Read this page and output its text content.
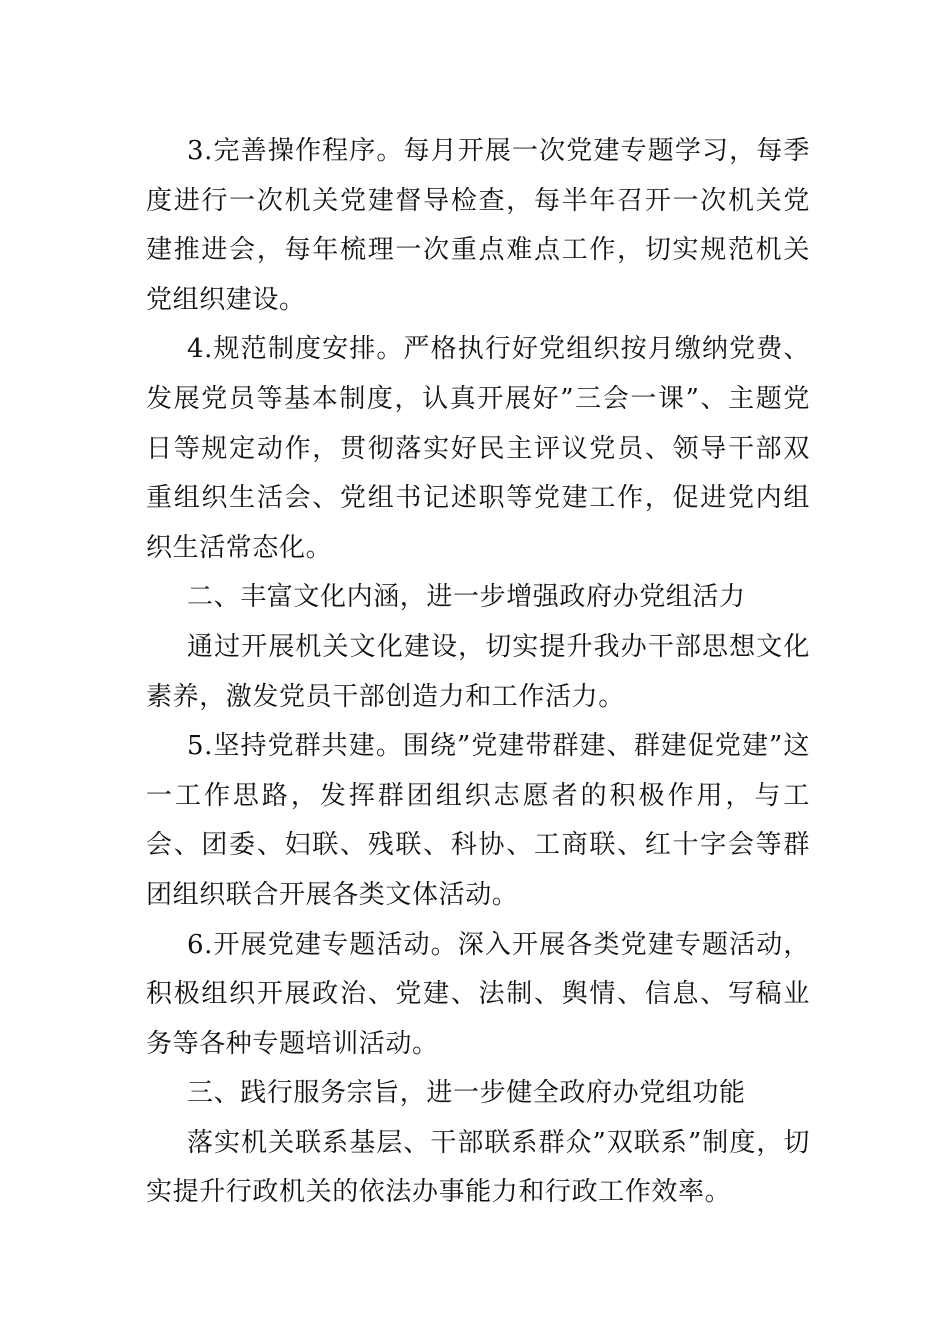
3.完善操作程序。每月开展一次党建专题学习，每季度进行一次机关党建督导检查，每半年召开一次机关党建推进会，每年梳理一次重点难点工作，切实规范机关党组织建设。

4.规范制度安排。严格执行好党组织按月缴纳党费、发展党员等基本制度，认真开展好”三会一课”、主题党日等规定动作，贯彻落实好民主评议党员、领导干部双重组织生活会、党组书记述职等党建工作，促进党内组织生活常态化。

二、丰富文化内涵，进一步增强政府办党组活力

通过开展机关文化建设，切实提升我办干部思想文化素养，激发党员干部创造力和工作活力。

5.坚持党群共建。围绕”党建带群建、群建促党建”这一工作思路，发挥群团组织志愿者的积极作用，与工会、团委、妇联、残联、科协、工商联、红十字会等群团组织联合开展各类文体活动。

6.开展党建专题活动。深入开展各类党建专题活动，积极组织开展政治、党建、法制、舆情、信息、写稿业务等各种专题培训活动。

三、践行服务宗旨，进一步健全政府办党组功能

落实机关联系基层、干部联系群众”双联系”制度，切实提升行政机关的依法办事能力和行政工作效率。
